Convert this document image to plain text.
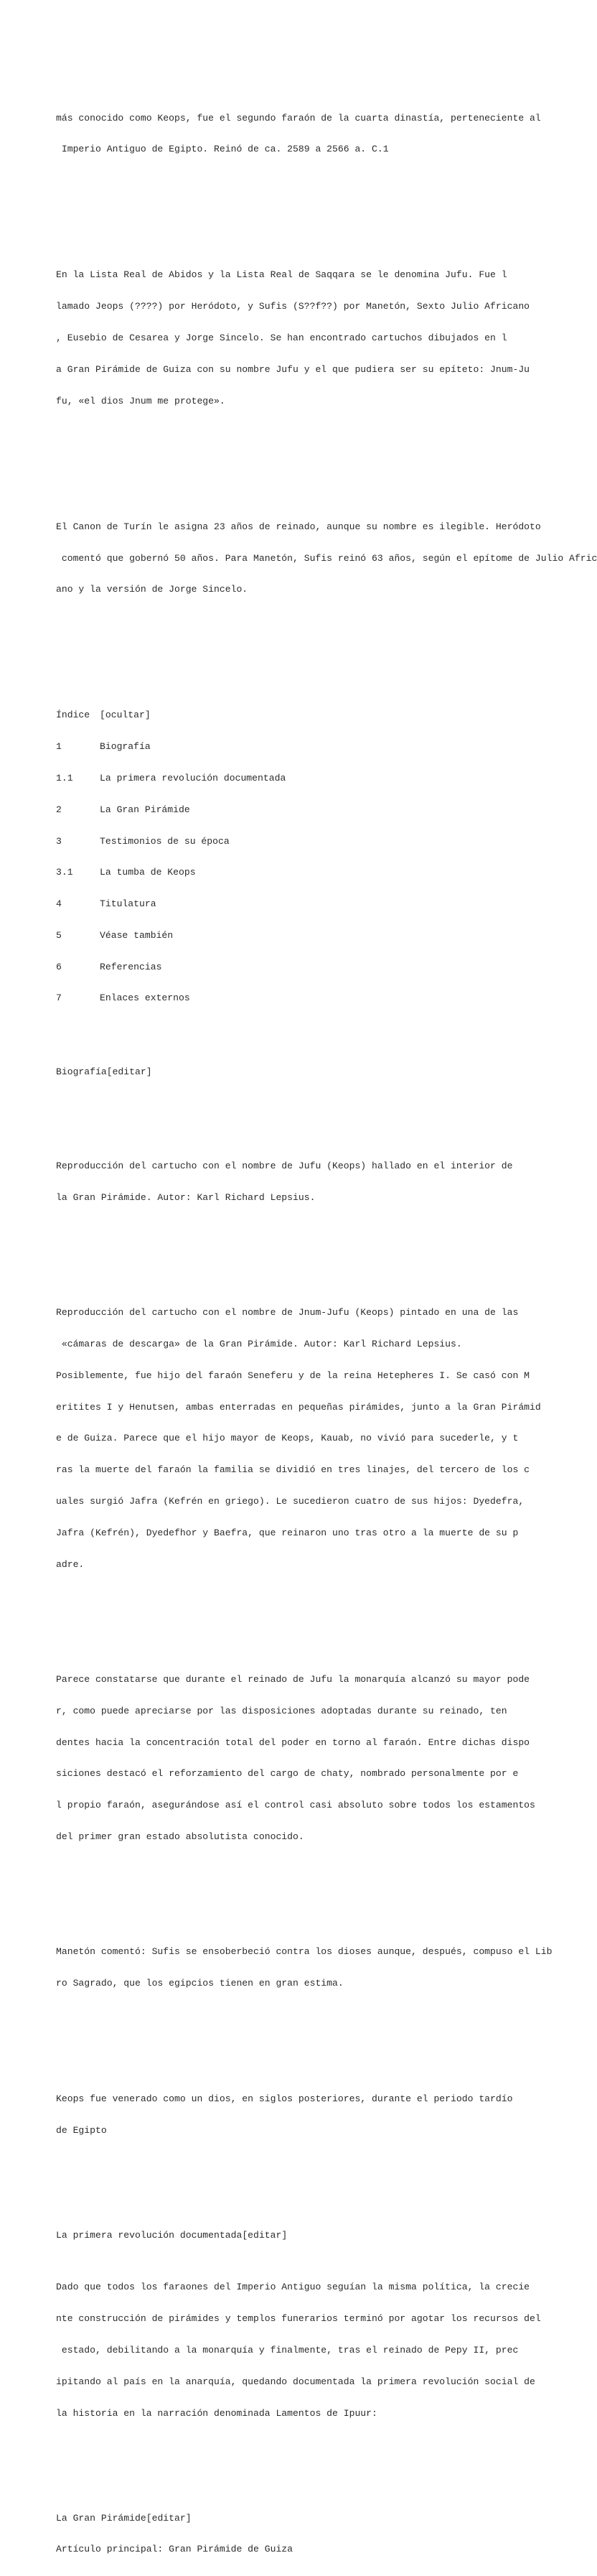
más conocido como Keops, fue el segundo faraón de la cuarta dinastía, perteneciente al

Imperio Antiguo de Egipto. Reinó de ca. 2589 a 2566 a. C.1

En la Lista Real de Abidos y la Lista Real de Saqqara se le denomina Jufu. Fue l

lamado Jeops (????) por Heródoto, y Sufis (S??f??) por Manetón, Sexto Julio Africano

, Eusebio de Cesarea y Jorge Sincelo. Se han encontrado cartuchos dibujados en l

a Gran Pirámide de Guiza con su nombre Jufu y el que pudiera ser su epíteto: Jnum-Ju

fu, «el dios Jnum me protege».

El Canon de Turín le asigna 23 años de reinado, aunque su nombre es ilegible. Heródoto

comentó que gobernó 50 años. Para Manetón, Sufis reinó 63 años, según el epítome de Julio Afric

ano y la versión de Jorge Sincelo.

Índice [ocultar]

1	Biografía

1.1	La primera revolución documentada

2	La Gran Pirámide

3	Testimonios de su época

3.1	La tumba de Keops

4	Titulatura

5	Véase también

6	Referencias

7	Enlaces externos

Biografía[editar]

Reproducción del cartucho con el nombre de Jufu (Keops) hallado en el interior de

la Gran Pirámide. Autor: Karl Richard Lepsius.

Reproducción del cartucho con el nombre de Jnum-Jufu (Keops) pintado en una de las

«cámaras de descarga» de la Gran Pirámide. Autor: Karl Richard Lepsius.

Posiblemente, fue hijo del faraón Seneferu y de la reina Hetepheres I. Se casó con M

eritites I y Henutsen, ambas enterradas en pequeñas pirámides, junto a la Gran Pirámid

e de Guiza. Parece que el hijo mayor de Keops, Kauab, no vivió para sucederle, y t

ras la muerte del faraón la familia se dividió en tres linajes, del tercero de los c

uales surgió Jafra (Kefrén en griego). Le sucedieron cuatro de sus hijos: Dyedefra,

Jafra (Kefrén), Dyedefhor y Baefra, que reinaron uno tras otro a la muerte de su p

adre.

Parece constatarse que durante el reinado de Jufu la monarquía alcanzó su mayor pode

r, como puede apreciarse por las disposiciones adoptadas durante su reinado, ten

dentes hacia la concentración total del poder en torno al faraón. Entre dichas dispo

siciones destacó el reforzamiento del cargo de chaty, nombrado personalmente por e

l propio faraón, asegurándose así el control casi absoluto sobre todos los estamentos

del primer gran estado absolutista conocido.

Manetón comentó: Sufis se ensoberbeció contra los dioses aunque, después, compuso el Lib

ro Sagrado, que los egipcios tienen en gran estima.

Keops fue venerado como un dios, en siglos posteriores, durante el periodo tardío

de Egipto

La primera revolución documentada[editar]

Dado que todos los faraones del Imperio Antiguo seguían la misma política, la crecie

nte construcción de pirámides y templos funerarios terminó por agotar los recursos del

estado, debilitando a la monarquía y finalmente, tras el reinado de Pepy II, prec

ipitando al país en la anarquía, quedando documentada la primera revolución social de

la historia en la narración denominada Lamentos de Ipuur:

La Gran Pirámide[editar]

Artículo principal: Gran Pirámide de Guiza
